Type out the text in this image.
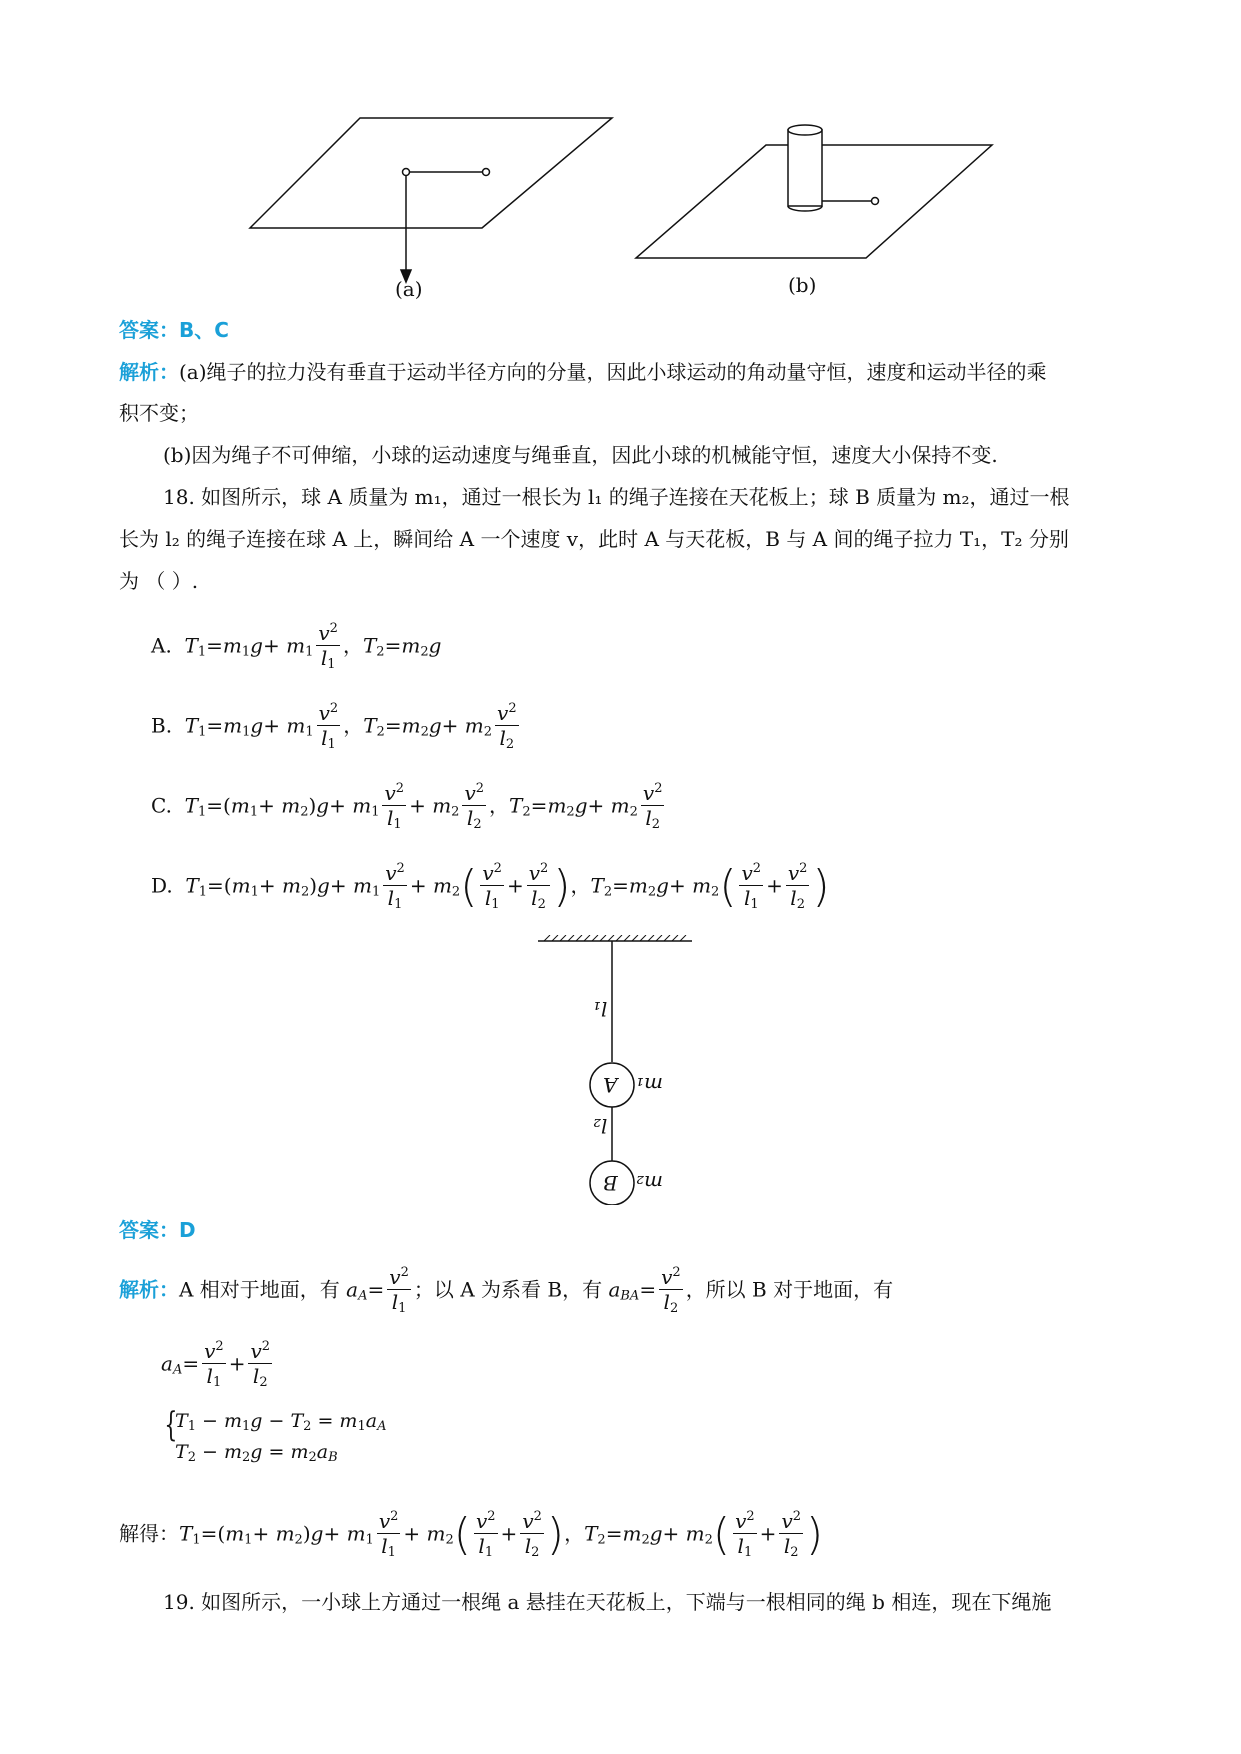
(a)	(b)
答案：B、C
解析：(a)绳子的拉力没有垂直于运动半径方向的分量，因此小球运动的角动量守恒，速度和运动半径的乘
积不变；
(b)因为绳子不可伸缩，小球的运动速度与绳垂直，因此小球的机械能守恒，速度大小保持不变.
18. 如图所示，球 A 质量为 m₁，通过一根长为 l₁ 的绳子连接在天花板上；球 B 质量为 m₂，通过一根
长为 l₂ 的绳子连接在球 A 上，瞬间给 A 一个速度 v，此时 A 与天花板，B 与 A 间的绳子拉力 T₁，T₂ 分别
为 （ ）.
A. $T_1=m_1g+ m_1 \frac{v^2}{l_1}$ ，$T_2=m_2g$
B. $T_1=m_1g+ m_1 \frac{v^2}{l_1}$ ，$T_2=m_2g+ m_2 \frac{v^2}{l_2}$
C. $T_1=(m_1+ m_2)g+ m_1 \frac{v^2}{l_1} + m_2 \frac{v^2}{l_2}$ ，$T_2=m_2g+ m_2 \frac{v^2}{l_2}$
D. $T_1=(m_1+ m_2)g+ m_1 \frac{v^2}{l_1} + m_2( \frac{v^2}{l_1} + \frac{v^2}{l_2}$ )，$T_2=m_2g+ m_2( \frac{v^2}{l_1} + \frac{v^2}{l_2}$ )
l₁
A m₁
l₂
B m₂
答案：D
解析：A 相对于地面，有 $a_A= \frac{v^2}{l_1}$ ；以 A 为系看 B，有 $a_{BA}= \frac{v^2}{l_2}$ ，所以 B 对于地面，有
$a_A= \frac{v^2}{l_1} + \frac{v^2}{l_2}$
{
$T_1 - m_1g - T_2 = m_1a_A$
$T_2 - m_2g = m_2a_B$
解得：$T_1=(m_1+ m_2)g+ m_1 \frac{v^2}{l_1} + m_2( \frac{v^2}{l_1} + \frac{v^2}{l_2}$ )，$T_2=m_2g+ m_2( \frac{v^2}{l_1} + \frac{v^2}{l_2}$ )
19. 如图所示，一小球上方通过一根绳 a 悬挂在天花板上，下端与一根相同的绳 b 相连，现在下绳施
